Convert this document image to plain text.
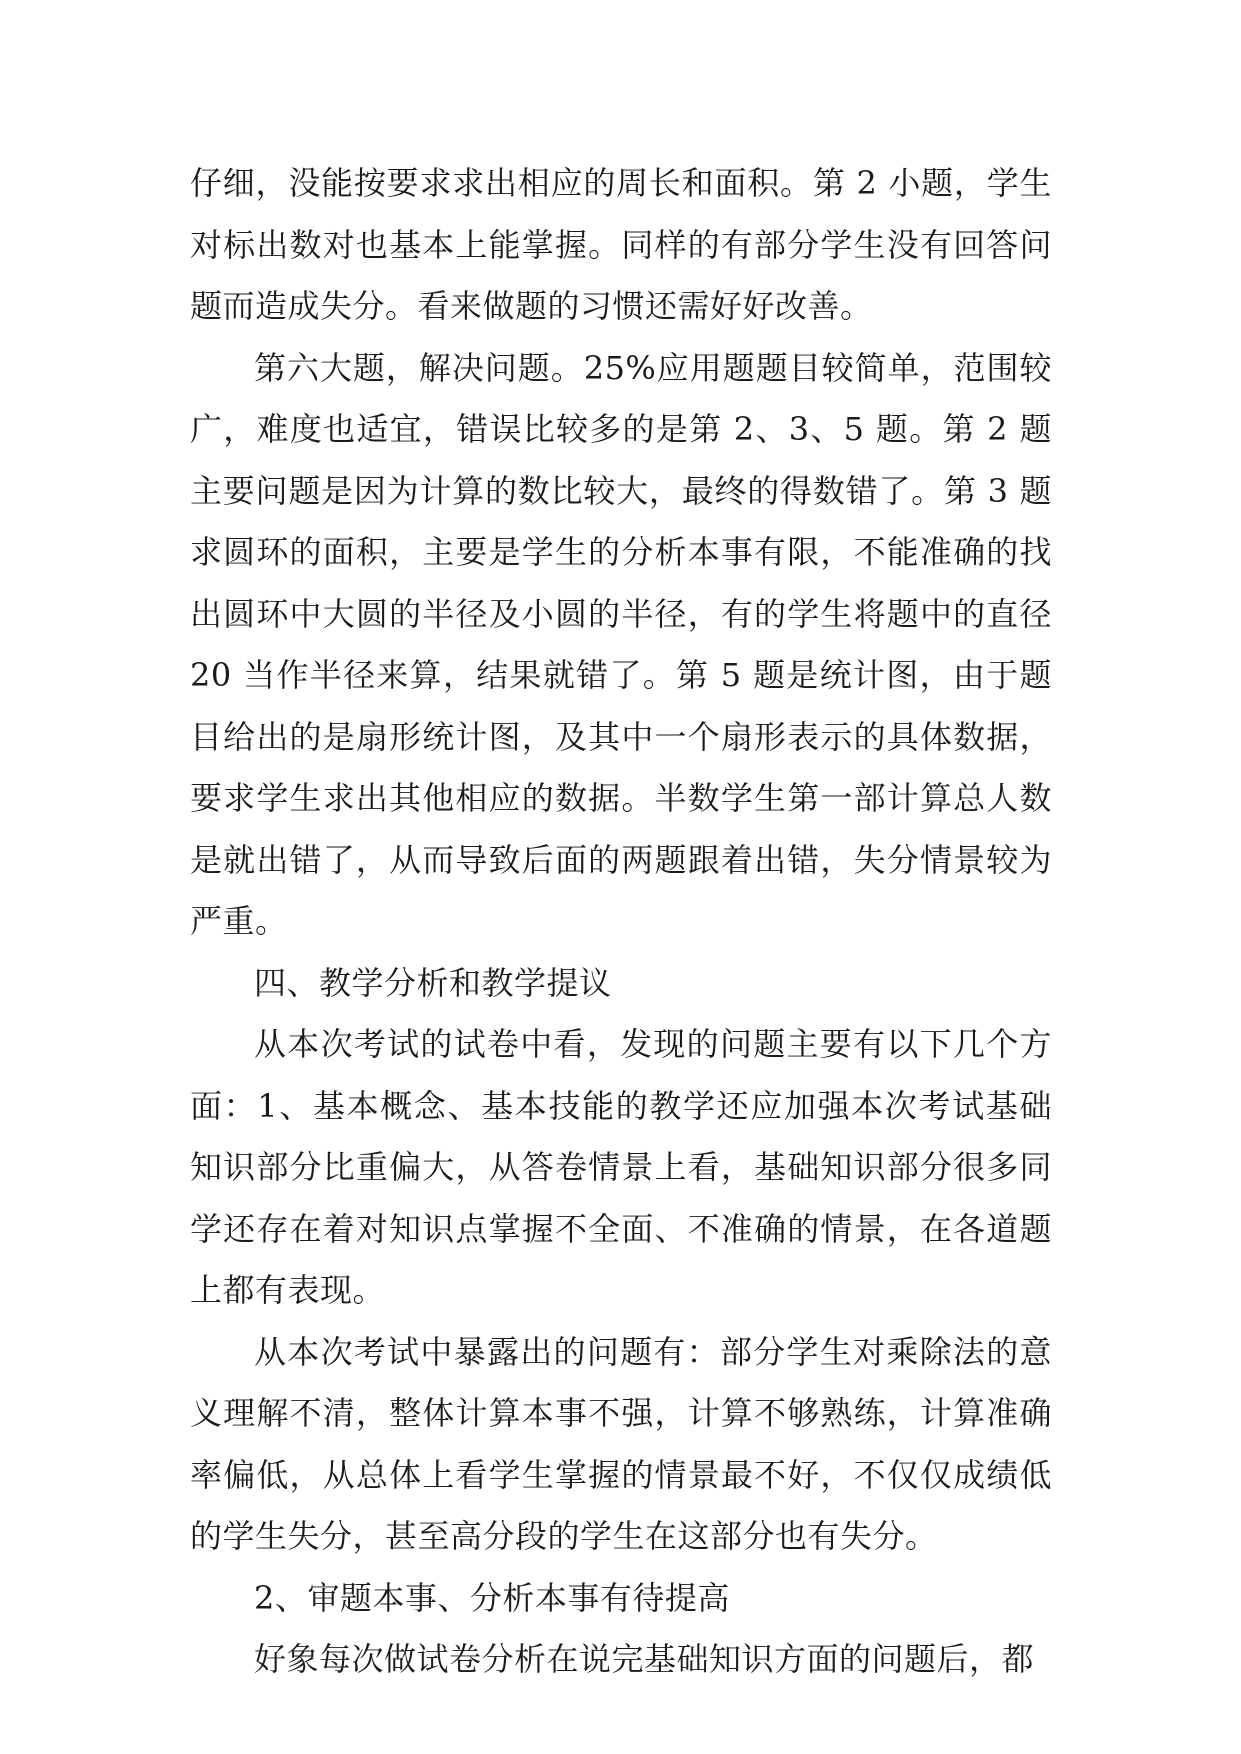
仔细，没能按要求求出相应的周长和面积。第 2 小题，学生对标出数对也基本上能掌握。同样的有部分学生没有回答问题而造成失分。看来做题的习惯还需好好改善。

第六大题，解决问题。25%应用题题目较简单，范围较广，难度也适宜，错误比较多的是第 2、3、5 题。第 2 题主要问题是因为计算的数比较大，最终的得数错了。第 3 题求圆环的面积，主要是学生的分析本事有限，不能准确的找出圆环中大圆的半径及小圆的半径，有的学生将题中的直径 20 当作半径来算，结果就错了。第 5 题是统计图，由于题目给出的是扇形统计图，及其中一个扇形表示的具体数据，要求学生求出其他相应的数据。半数学生第一部计算总人数是就出错了，从而导致后面的两题跟着出错，失分情景较为严重。

四、教学分析和教学提议

从本次考试的试卷中看，发现的问题主要有以下几个方面：1、基本概念、基本技能的教学还应加强本次考试基础知识部分比重偏大，从答卷情景上看，基础知识部分很多同学还存在着对知识点掌握不全面、不准确的情景，在各道题上都有表现。

从本次考试中暴露出的问题有：部分学生对乘除法的意义理解不清，整体计算本事不强，计算不够熟练，计算准确率偏低，从总体上看学生掌握的情景最不好，不仅仅成绩低的学生失分，甚至高分段的学生在这部分也有失分。

2、审题本事、分析本事有待提高

好象每次做试卷分析在说完基础知识方面的问题后，都
